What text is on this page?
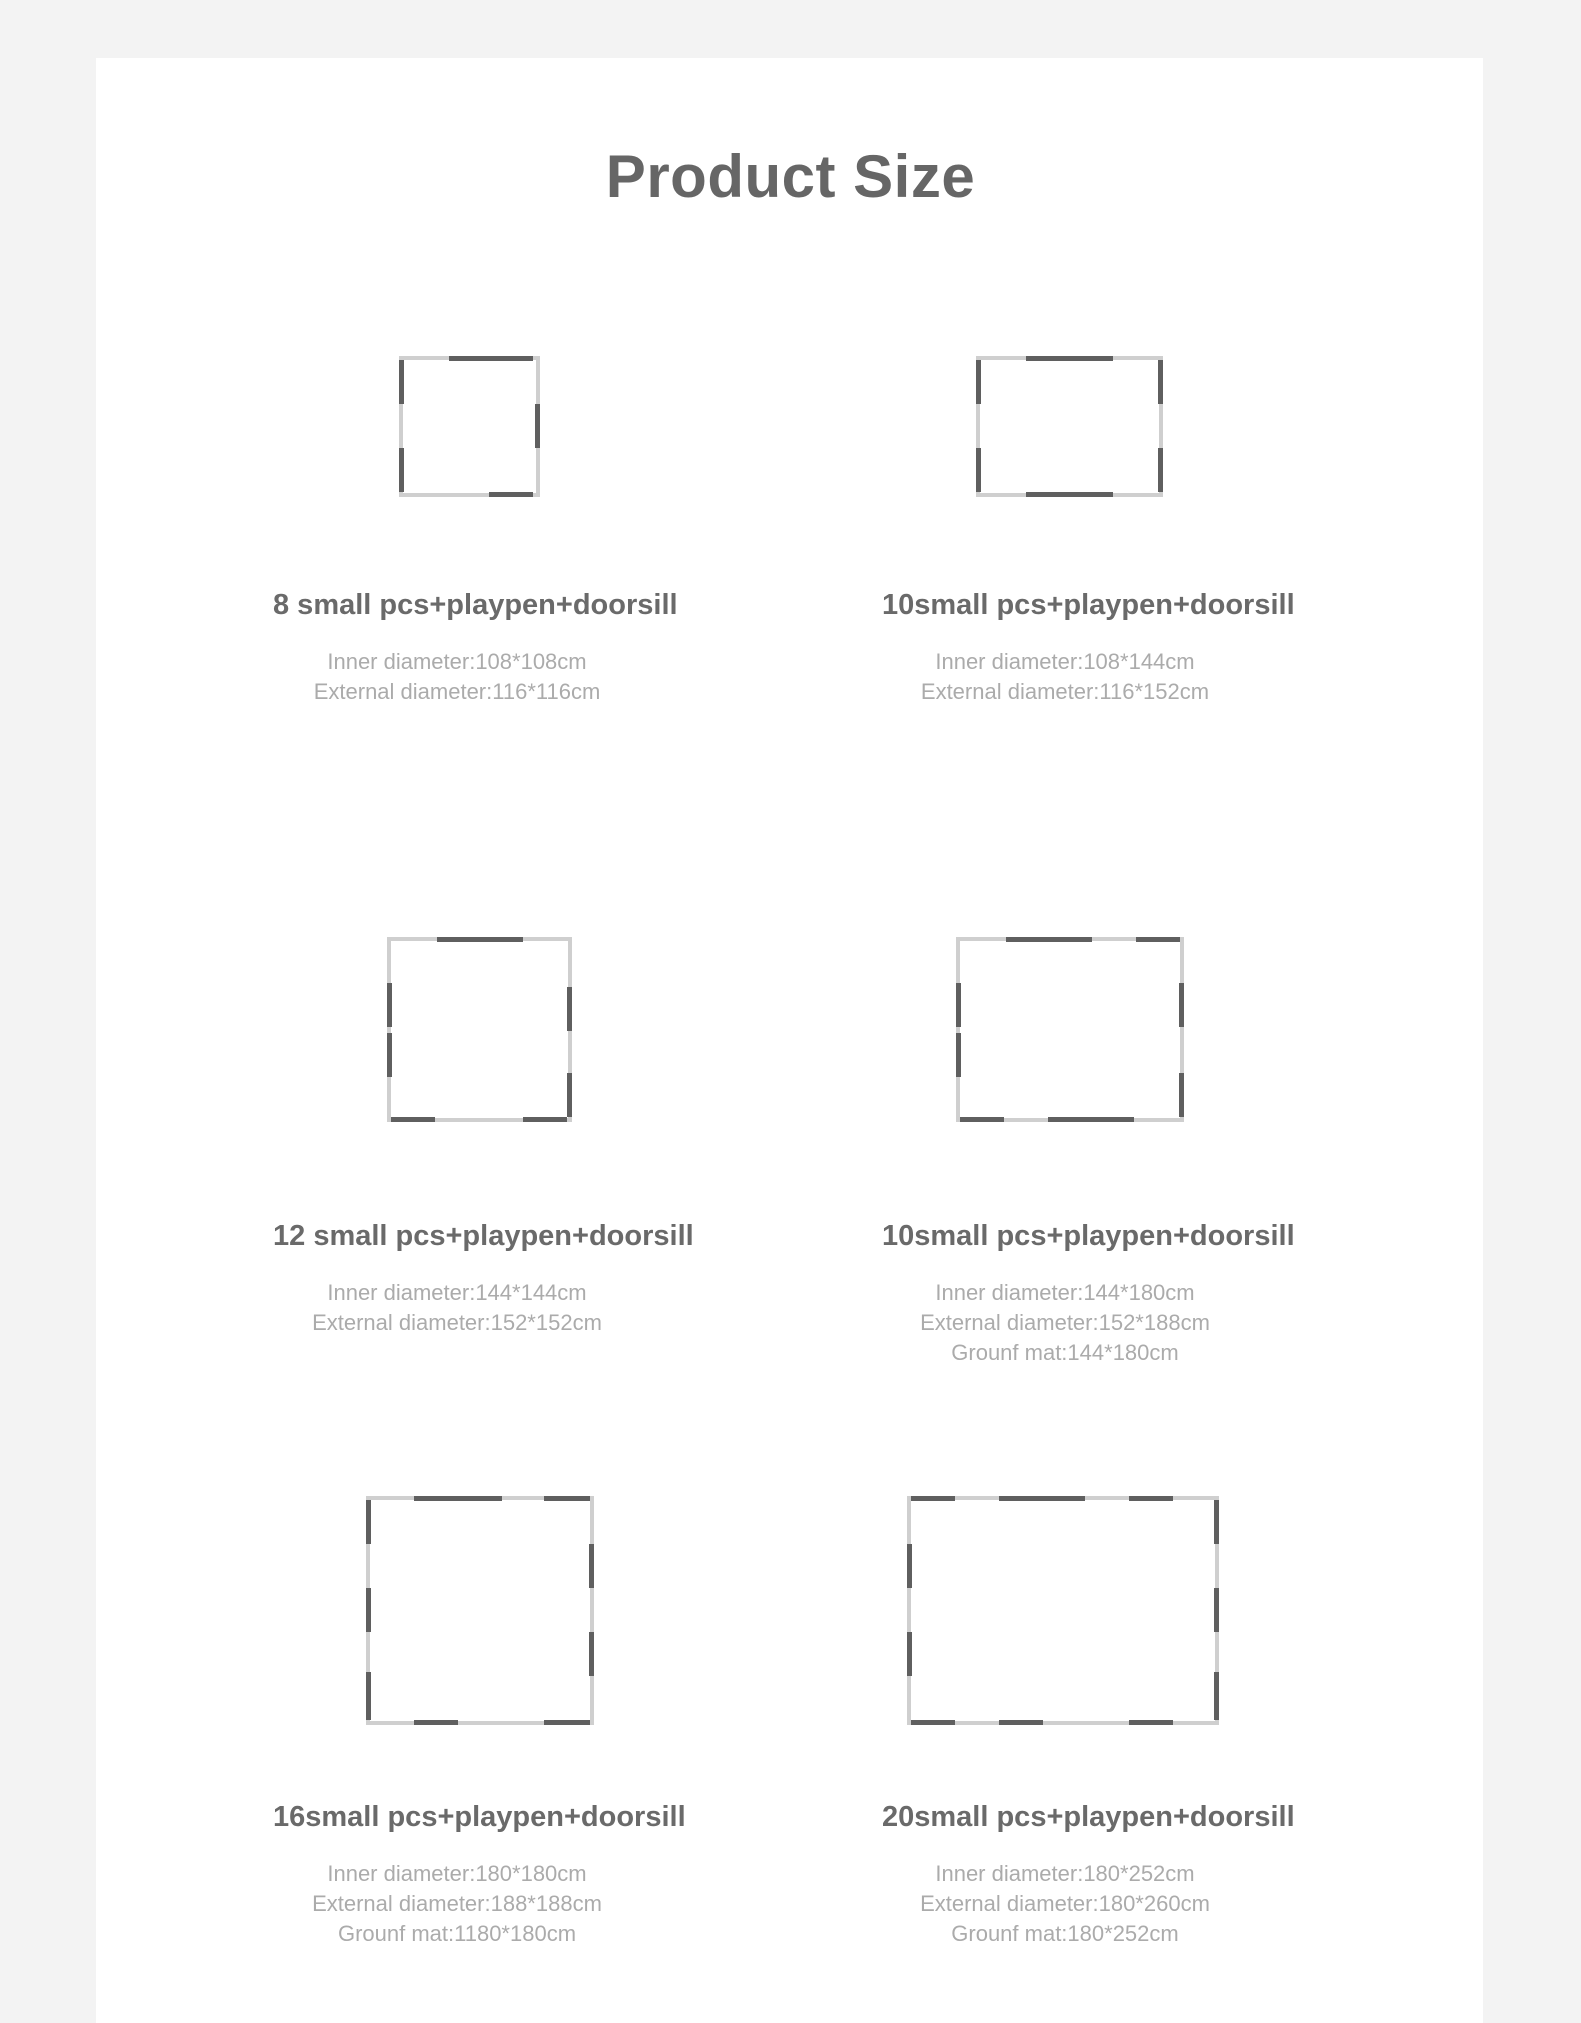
Product Size
8 small pcs+playpen+doorsill
Inner diameter:108*108cm
External diameter:116*116cm
10small pcs+playpen+doorsill
Inner diameter:108*144cm
External diameter:116*152cm
12 small pcs+playpen+doorsill
Inner diameter:144*144cm
External diameter:152*152cm
10small pcs+playpen+doorsill
Inner diameter:144*180cm
External diameter:152*188cm
Grounf mat:144*180cm
16small pcs+playpen+doorsill
Inner diameter:180*180cm
External diameter:188*188cm
Grounf mat:1180*180cm
20small pcs+playpen+doorsill
Inner diameter:180*252cm
External diameter:180*260cm
Grounf mat:180*252cm
